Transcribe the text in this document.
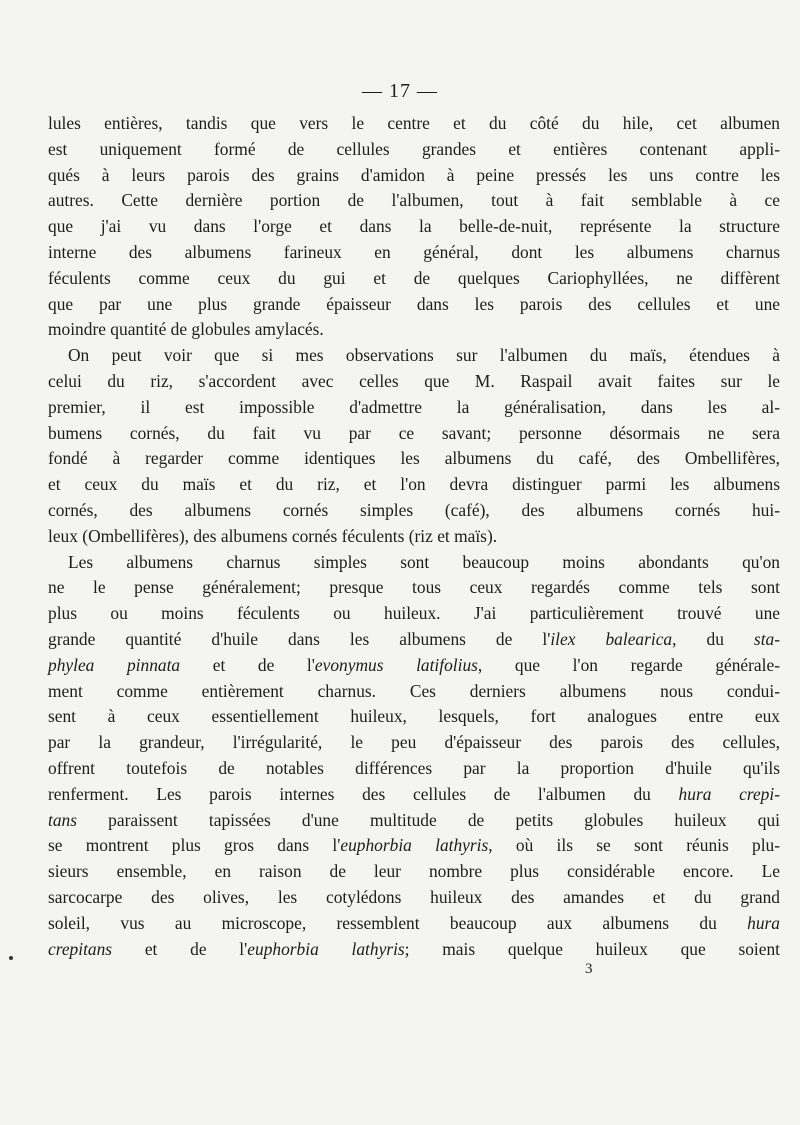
— 17 —
lules entières, tandis que vers le centre et du côté du hile, cet albumen
est uniquement formé de cellules grandes et entières contenant appli-
qués à leurs parois des grains d'amidon à peine pressés les uns contre les
autres. Cette dernière portion de l'albumen, tout à fait semblable à ce
que j'ai vu dans l'orge et dans la belle-de-nuit, représente la structure
interne des albumens farineux en général, dont les albumens charnus
féculents comme ceux du gui et de quelques Cariophyllées, ne diffèrent
que par une plus grande épaisseur dans les parois des cellules et une
moindre quantité de globules amylacés.
On peut voir que si mes observations sur l'albumen du maïs, étendues à
celui du riz, s'accordent avec celles que M. Raspail avait faites sur le
premier, il est impossible d'admettre la généralisation, dans les al-
bumens cornés, du fait vu par ce savant; personne désormais ne sera
fondé à regarder comme identiques les albumens du café, des Ombellifères,
et ceux du maïs et du riz, et l'on devra distinguer parmi les albumens
cornés, des albumens cornés simples (café), des albumens cornés hui-
leux (Ombellifères), des albumens cornés féculents (riz et maïs).
Les albumens charnus simples sont beaucoup moins abondants qu'on
ne le pense généralement; presque tous ceux regardés comme tels sont
plus ou moins féculents ou huileux. J'ai particulièrement trouvé une
grande quantité d'huile dans les albumens de l'ilex balearica, du sta-
phylea pinnata et de l'evonymus latifolius, que l'on regarde générale-
ment comme entièrement charnus. Ces derniers albumens nous condui-
sent à ceux essentiellement huileux, lesquels, fort analogues entre eux
par la grandeur, l'irrégularité, le peu d'épaisseur des parois des cellules,
offrent toutefois de notables différences par la proportion d'huile qu'ils
renferment. Les parois internes des cellules de l'albumen du hura crepi-
tans paraissent tapissées d'une multitude de petits globules huileux qui
se montrent plus gros dans l'euphorbia lathyris, où ils se sont réunis plu-
sieurs ensemble, en raison de leur nombre plus considérable encore. Le
sarcocarpe des olives, les cotylédons huileux des amandes et du grand
soleil, vus au microscope, ressemblent beaucoup aux albumens du hura
crepitans et de l'euphorbia lathyris; mais quelque huileux que soient
3
